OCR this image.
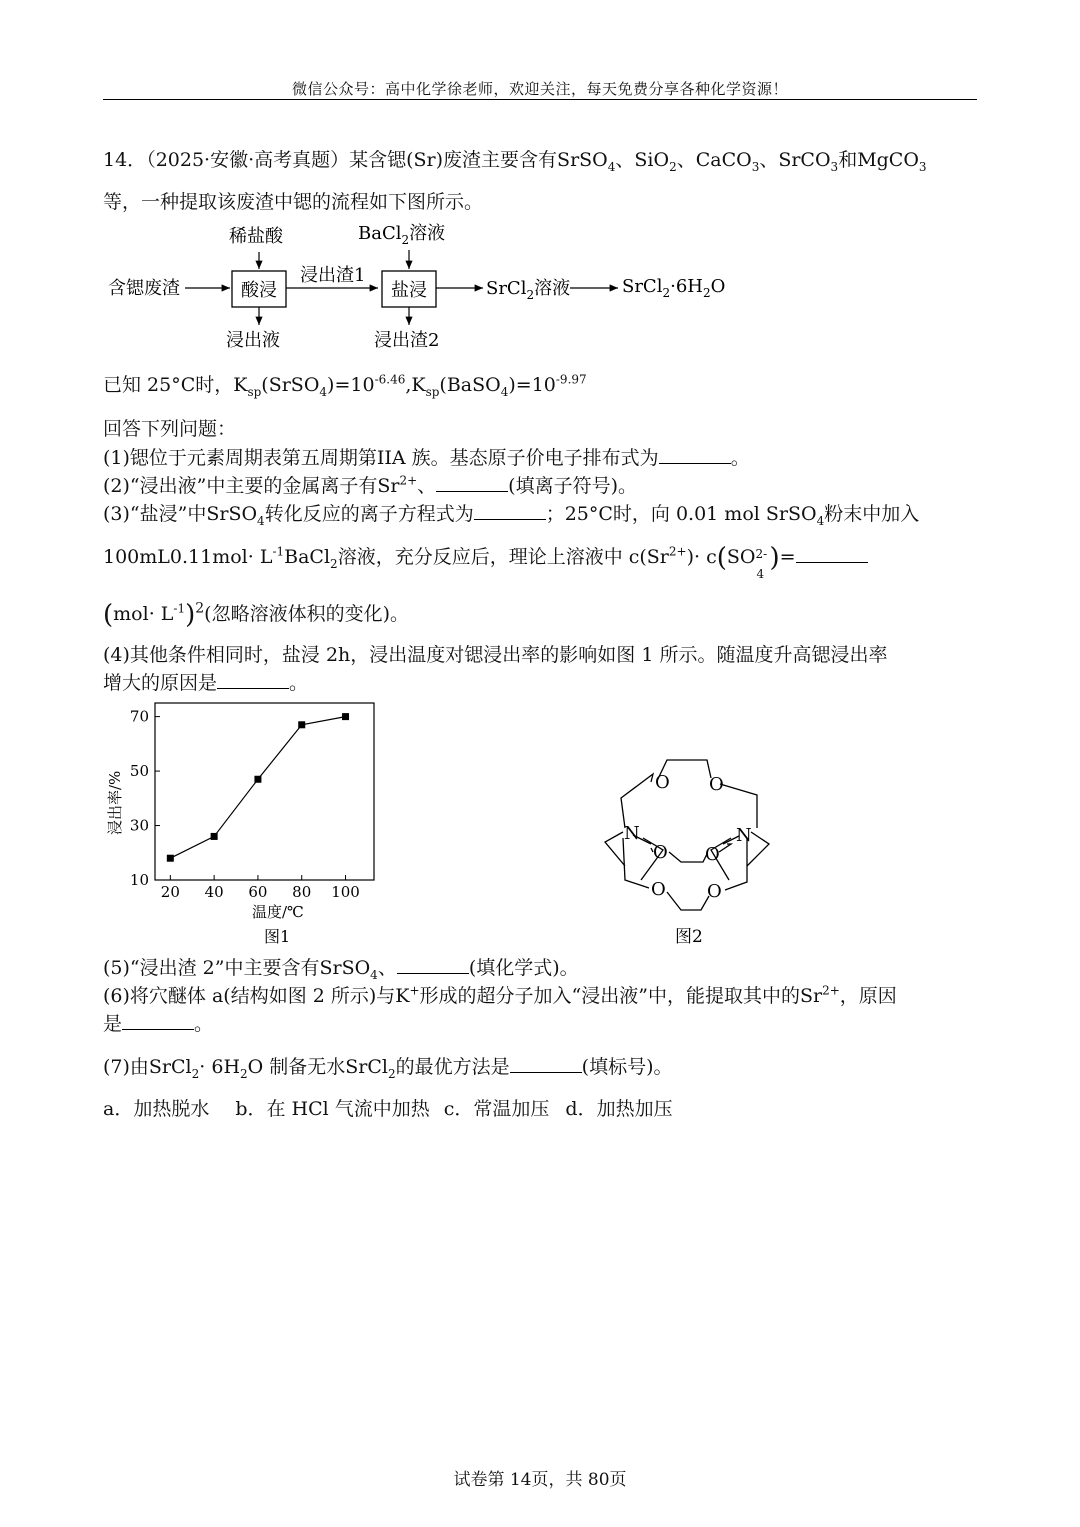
微信公众号：高中化学徐老师，欢迎关注，每天免费分享各种化学资源！
14．（2025·安徽·高考真题）某含锶(Sr)废渣主要含有SrSO$_4$、SiO$_2$、CaCO$_3$、SrCO$_3$和MgCO$_3$
等，一种提取该废渣中锶的流程如下图所示。
含锶废渣	酸浸
稀盐酸
浸出液
浸出渣1
盐浸
BaCl$_2$溶液
浸出渣2
SrCl$_2$溶液	$SrCl_2\cdot 6H_2O$
已知 25°C时，$K_{sp}(SrSO_4)=10^{-6.46},K_{sp}(BaSO_4)=10^{-9.97}$
回答下列问题：
(1)锶位于元素周期表第五周期第IIA 族。基态原子价电子排布式为	。
(2)“浸出液”中主要的金属离子有$Sr^{2+}$、	(填离子符号)。
(3)“盐浸”中SrSO$_4$转化反应的离子方程式为	；25°C时，向 0.01 mol SrSO$_4$粉末中加入
$100mL0.11mol\cdot L^{-1}BaCl_2$溶液，充分反应后，理论上溶液中 $c(Sr^{2+})\cdot c(SO$ 2-
4
)=
$(mol\cdot L^{-1})^2$(忽略溶液体积的变化)。
(4)其他条件相同时，盐浸 2h，浸出温度对锶浸出率的影响如图 1 所示。随温度升高锶浸出率
增大的原因是	。
20 40 60 80 100
10
30
50
70
温度/℃
浸出率/%
图1
O O
N	N
O O
O O
图2
(5)“浸出渣 2”中主要含有SrSO$_4$、	(填化学式)。
(6)将穴醚体 a(结构如图 2 所示)与K+形成的超分子加入“浸出液”中，能提取其中的$Sr^{2+}$，原因
是	。
(7)由SrCl$_2$· $6H_2O$ 制备无水SrCl$_2$的最优方法是	(填标号)。
a．加热脱水 b．在 HCl 气流中加热 c．常温加压 d．加热加压
试卷第 14页，共 80页
